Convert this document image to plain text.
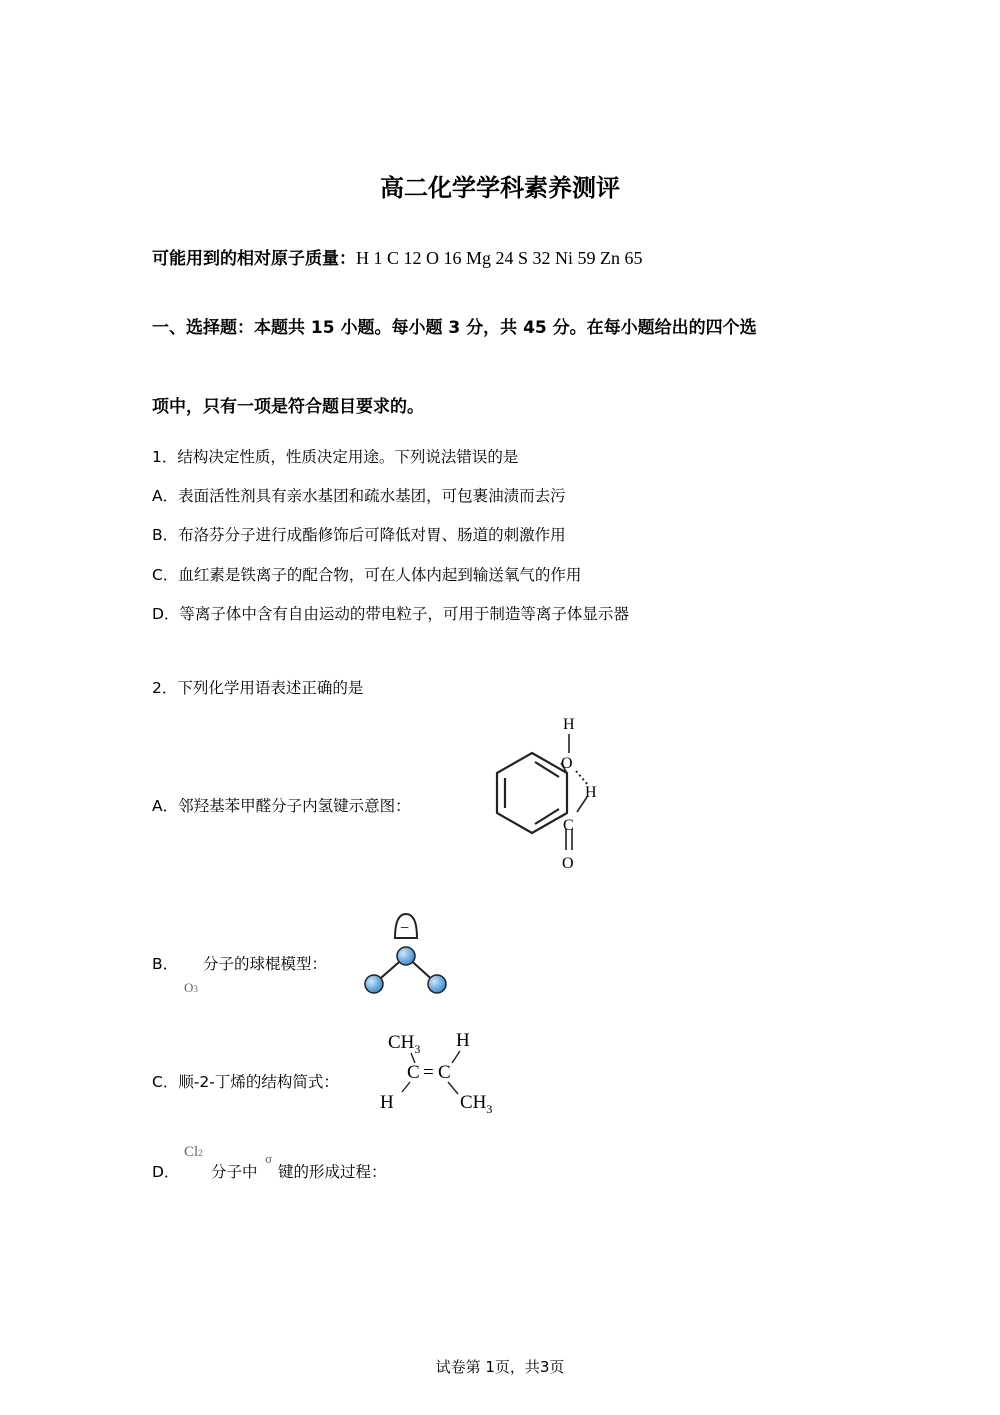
高二化学学科素养测评
可能用到的相对原子质量：H 1 C 12 O 16 Mg 24 S 32 Ni 59 Zn 65
一、选择题：本题共 15 小题。每小题 3 分，共 45 分。在每小题给出的四个选
项中，只有一项是符合题目要求的。
1．结构决定性质，性质决定用途。下列说法错误的是
A．表面活性剂具有亲水基团和疏水基团，可包裹油渍而去污
B．布洛芬分子进行成酯修饰后可降低对胃、肠道的刺激作用
C．血红素是铁离子的配合物，可在人体内起到输送氧气的作用
D．等离子体中含有自由运动的带电粒子，可用于制造等离子体显示器
2．下列化学用语表述正确的是
A．邻羟基苯甲醛分子内氢键示意图：
H
O
H
C
O
B．
O3
分子的球棍模型：
−
C．顺-2-丁烯的结构简式：
$CH_3$ H
C = C
H	$CH_3$
D．
Cl2
分子中
σ
键的形成过程：
试卷第 1页，共3页
